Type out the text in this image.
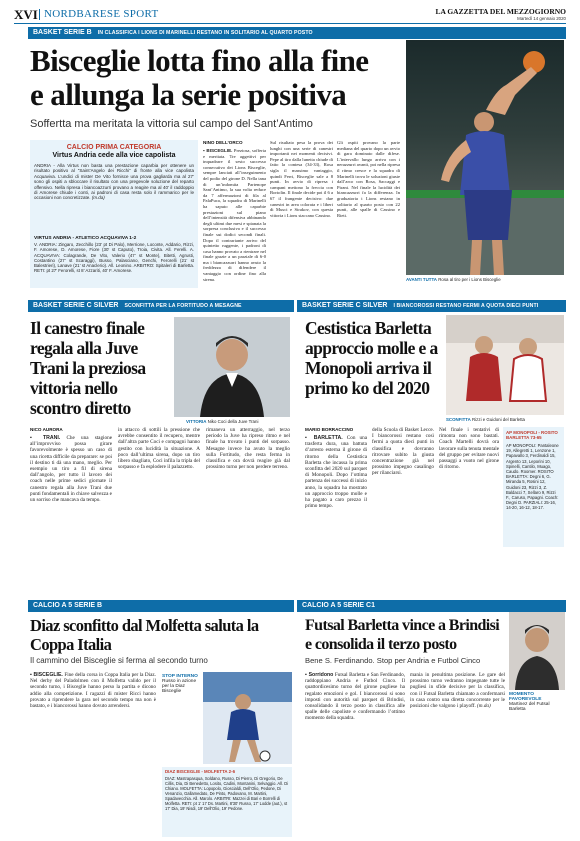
XVI NORDBARESE SPORT	LA GAZZETTA DEL MEZZOGIORNO
Martedì 14 gennaio 2020
BASKET SERIE B IN CLASSIFICA I LIONS DI MARINELLI RESTANO IN SOLITARIO AL QUARTO POSTO
Bisceglie lotta fino alla fine
e allunga la serie positiva
Soffertta ma meritata la vittoria sul campo del Sant’Antimo
AVANTI TUTTA Rosa al tiro per i Lions Bisceglie
CALCIO PRIMA CATEGORIA
Virtus Andria cede alla vice capolista
ANDRIA - Alla Virtus non basta una prestazione caparbia per ottenere un risultato positivo al “Saint’Angelo dei Ricchi” di fronte alla vice capolista Acquaviva. L’undici di mister De Vito fornisce una prova gagliarda ma al 27’ sono gli ospiti a sbloccare il risultato con una pregevole soluzione del reparto offensivo. Nella ripresa i biancoazzurri provano a reagire ma al 40’ il raddoppio di Amorese chiude i conti, ai padroni di casa resta solo il rammarico per le occasioni non concretizzate. (m.da)
VIRTUS ANDRIA - ATLETICO ACQUAVIVA 1-2
V. ANDRIA: Zingaro, Zecchillo (23’ pt Di Palo), Merrione, Loconte, Addario, Rizzi, F. Amorese, D. Amorese, Fiore (30’ st Caputo), Troia, Civita. All. Ferelli. A. ACQUAVIVA: Colagrande, De Vito, Valerio (47’ st Monte), Bitetti, Agrusti, Costantino (27’ st Scaraggi), Busso, Palasciano, Genchi, Ferorelli (21’ st Balestrieri), Lanave (21’ st Anaclerio). All. Leonino. ARBITRO: Spitaleri di Barletta. RETI: pt 27’ Ferorelli, st 8’ Azzariti, 40’ F. Amorese.
NINO DELL’ORCO
▪ BISCEGLIE. Preziosa, sofferta e meritata. Tre aggettivi per inquadrare il sesto successo consecutivo dei Lions Bisceglie, sempre lanciati all’inseguimento del podio del girone D. Nella tana di un’indomita Partenope Sant’Antimo, la sua volta reduce da 7 affermazioni di fila al PalaPuca, la squadra di Marinelli ha saputo alle caparbie prestazioni sul piano dell’intensità difensiva abbinando degli ultimi due mesi e spianata la sorpresa conclusiva e il successo finale sui dodici secondi finali. Dopo il contrariante arrivo del quintetto ruggente, i padroni di casa hanno provato a rientrare nel finale grazie a un parziale di 6-0 ma i biancazzurri hanno avuto la freddezza di difendere il vantaggio con ordine fino alla sirena.
Sul risultato pesa la prova dei lunghi con una serie di canestri importanti nei momenti decisivi. Pepe al tiro dalla lunetta chiude di fatto la contesa (34-33), Rosa sigla il massimo vantaggio, quindi Ferri, Bisceglie sale a 8 punti. In avvio di ripresa i campani mettono la freccia con Bortolin. Il finale decide poi il 6 a 67 il frangente decisivo: due canestri in area colorata e i liberi di Musci e Sirakov, con questa vittoria i Lions staccano Cassino.
Gli ospiti provano la parte mediana del quarto dopo un avvio di gara dominato dalle difese. L’intervallo lungo arriva con i nerazzurri avanti, poi nella ripresa il ritmo cresce e la squadra di Marinelli trova le soluzioni giuste dall’arco con Rosa, Saccaggi e Pirani. Nel finale la lucidità dei biancazzurri fa la differenza. In graduatoria i Lions restano in solitario al quarto posto con 22 punti, alle spalle di Cassino e Rieti.
BASKET SERIE C SILVER SCONFITTA PER LA FORTITUDO A MESAGNE
Il canestro finale regala alla Juve Trani la preziosa vittoria nello scontro diretto
VITTORIA Niko Coci della Juve Trani
NICO AURORA
▪ TRANI. Che una stagione all’improvviso possa girare favorevolmente è spesso un caso di una ricetta difficile da preparare: se poi il destino ti dà una mano, meglio. Per esempio un tiro a fil di sirena dall’angolo, per tutto il lavoro dei coach nelle prime sedici giornate il canestro regala alla Juve Trani due punti fondamentali in chiave salvezza e un sorriso che mancava da tempo.
in attacco di sottili la pressione che avrebbe consentito il recupero, mentre dall’altra parte Coci e compagni hanno gestito con lucidità la situazione. A poco dall’ultima sirena, dopo un tiro libero sbagliato, Coci infila la tripla del sorpasso e fa esplodere il palazzetto.
rimaneva un atterraggio, nel terzo periodo la Juve ha ripreso ritmo e nel finale ha trovato i punti del sorpasso. Mesagne invece ha avuto la meglio sulla Fortitudo, che resta ferma in classifica e ora dovrà reagire già dal prossimo turno per non perdere terreno.
BASKET SERIE C SILVER I BIANCOROSSI RESTANO FERMI A QUOTA DIECI PUNTI
Cestistica Barletta approccio molle e a Monopoli arriva il primo ko del 2020
SCONFITTA Rizzi e Guidoni del Barletta
MARIO BORRACCINO
▪ BARLETTA. Con una trasferta dura, una battuta d’arresto esterna il girone di ritorno della Cestistica Barletta che incassa la prima sconfitta del 2020 sul parquet di Monopoli. Dopo l’ottima partenza dei successi di inizio anno, la squadra ha mostrato un approccio troppo molle e ha pagato a caro prezzo il primo tempo.
della Scuola di Basket Lecce. I biancorossi restano così fermi a quota dieci punti in classifica e dovranno ritrovare subito la giusta concentrazione già nel prossimo impegno casalingo per rilanciarsi.
Nel finale i tentativi di rimonta non sono bastati. Coach Martelli dovrà ora lavorare sulla tenuta mentale del gruppo per evitare nuovi passaggi a vuoto nel girone di ritorno.
AP MONOPOLI - ROSITO BARLETTA 73-65
AP MONOPOLI: Pantaleone 19, Allegretti 1, Lenzone 1, Papavallo 3, Ferdinaldi 15, Argento 13, Leporini 10, Spinelli, Cantilo, Muago, Caudo. Roomer. ROSITO BARLETTA: Degni 6, G. Miranda 5, Rosini 12, Guidoni 23, Rizzi 3, Z. Baldacci 7, Sellaro 9, Rizzi F., Caruso, Papagni. Coach: Degni D. PARZIALI: 25-16, 14-20, 16-12, 18-17.
CALCIO A 5 SERIE B
Diaz sconfitto dal Molfetta saluta la Coppa Italia
Il cammino del Bisceglie si ferma al secondo turno
▪ BISCEGLIE. Fine della corsa in Coppa Italia per la Diaz. Nel derby del Paladolmen con il Molfetta valido per il secondo turno, i Bisceglie hanno perso la partita e dicono addio alla competizione. I ragazzi di mister Ricci hanno provato a riprendere la gara nel secondo tempo ma non è bastato, e i biancorossi hanno dovuto arrendersi.
STOP INTERNO
Russo in azione per la Diaz Bisceglie
DIAZ BISCEGLIE - MOLFETTA 2-6
DIAZ: Mastrapasqua, Soldano, Russo, Di Pierro, Di Gregorio, De Cillis, Dia, Di Benedetto, Losito, Cadini, Montanini, Selvaggio. All. Di Chiano. MOLFETTA: Lopopolo, Gioscialdi, Dell’Olio, Pedone, Di Venanzio, Gallamedato, De Pinto, Padovano, M. Martini, Spadavecchia. All. Marolo. ARBITRI: Mazzei di Bari e Borrelli di Molfetta. RETI: pt 1' 17 Ds. Martini, 8'30' Russo, 17' Lodde (aut.), st 17' Dia, 19' Nisdi, 19' Dell'Olio, 19' Pedone.
CALCIO A 5 SERIE C1
Futsal Barletta vince a Brindisi e consolida il terzo posto
Bene S. Ferdinando. Stop per Andria e Futbol Cinco
MOMENTO FAVOREVOLE
Martinez del Futsal Barletta
▪ Sorridono Futsal Barletta e San Ferdinando, raddoppiano Andria e Futbol Cinco. Il quattordicesimo turno del girone pugliese ha regalato emozioni e gol. I biancorossi si sono imposti con autorità sul parquet di Brindisi, consolidando il terzo posto in classifica alle spalle delle capoliste e confermando l’ottimo momento della squadra.
mania in penultima posizione. Le gare del prossimo turno vedranno impegnate tutte le pugliesi in sfide decisive per la classifica, con il Futsal Barletta chiamato a confermarsi in casa contro una diretta concorrente per le posizioni che valgono i playoff. (m.da)
